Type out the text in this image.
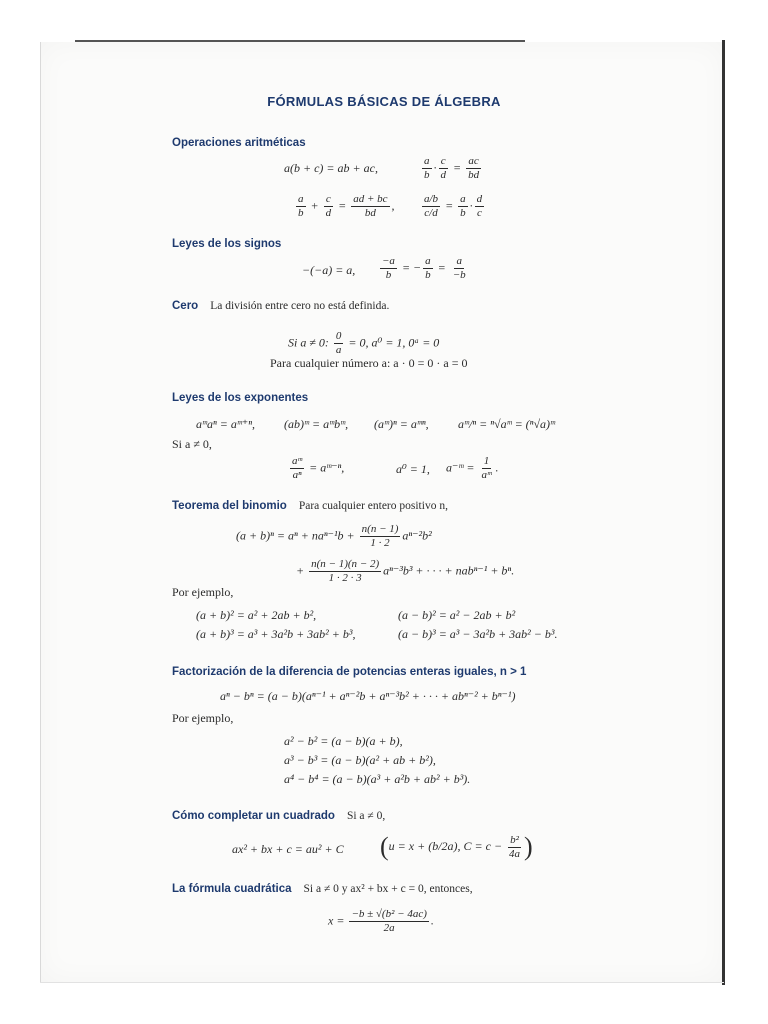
FÓRMULAS BÁSICAS DE ÁLGEBRA
Operaciones aritméticas
a(b + c) = ab + ac,	$\frac{a}{b} \cdot \frac{c}{d} = \frac{ac}{bd}$
$\frac{a}{b} + \frac{c}{d} = \frac{ad + bc}{bd}$ , $\frac{a/b}{c/d} = \frac{a}{b} \cdot \frac{d}{c}$
Leyes de los signos
−(−a) = a, $\frac{-a}{b}$ = − $\frac{a}{b} = \frac{a}{-b}$
Cero La división entre cero no está definida.
Si a ≠ 0: $\frac{0}{a} = 0$, a⁰ = 1, 0ᵃ = 0
Para cualquier número a: a · 0 = 0 · a = 0
Leyes de los exponentes
aᵐaⁿ = aᵐ⁺ⁿ, (ab)ᵐ = aᵐbᵐ, (aᵐ)ⁿ = aᵐⁿ, aᵐ/ⁿ = ⁿ√aᵐ = (ⁿ√a)ᵐ
Si a ≠ 0,
$\frac{\text{aᵐ}}{\text{aⁿ}}$ = aᵐ⁻ⁿ,	a⁰ = 1, a⁻ᵐ = $\frac{1}{\text{aᵐ}}$ .
Teorema del binomio Para cualquier entero positivo n,
$(a + b)^n = a^n + na^{n-1}b + \frac{n(n - 1)}{1 \cdot 2} a^{n-2}b^2$
+ $\frac{n(n - 1)(n - 2)}{1 \cdot 2 \cdot 3} a^{n-3}b^3$ + · · · + nabⁿ⁻¹ + bⁿ.
Por ejemplo,
(a + b)² = a² + 2ab + b²,	(a − b)² = a² − 2ab + b²
(a + b)³ = a³ + 3a²b + 3ab² + b³,	(a − b)³ = a³ − 3a²b + 3ab² − b³.
Factorización de la diferencia de potencias enteras iguales, n > 1
aⁿ − bⁿ = (a − b)(aⁿ⁻¹ + aⁿ⁻²b + aⁿ⁻³b² + · · · + abⁿ⁻² + bⁿ⁻¹)
Por ejemplo,
a² − b² = (a − b)(a + b),
a³ − b³ = (a − b)(a² + ab + b²),
a⁴ − b⁴ = (a − b)(a³ + a²b + ab² + b³).
Cómo completar un cuadrado Si a ≠ 0,
ax² + bx + c = au² + C (u = x + (b/2a), $C = c - \frac{\text{b²}}{4a}$ )
La fórmula cuadrática Si a ≠ 0 y ax² + bx + c = 0, entonces,
$x = \frac{\text{−b ± √(b² − 4ac)}}{2a}$ .
